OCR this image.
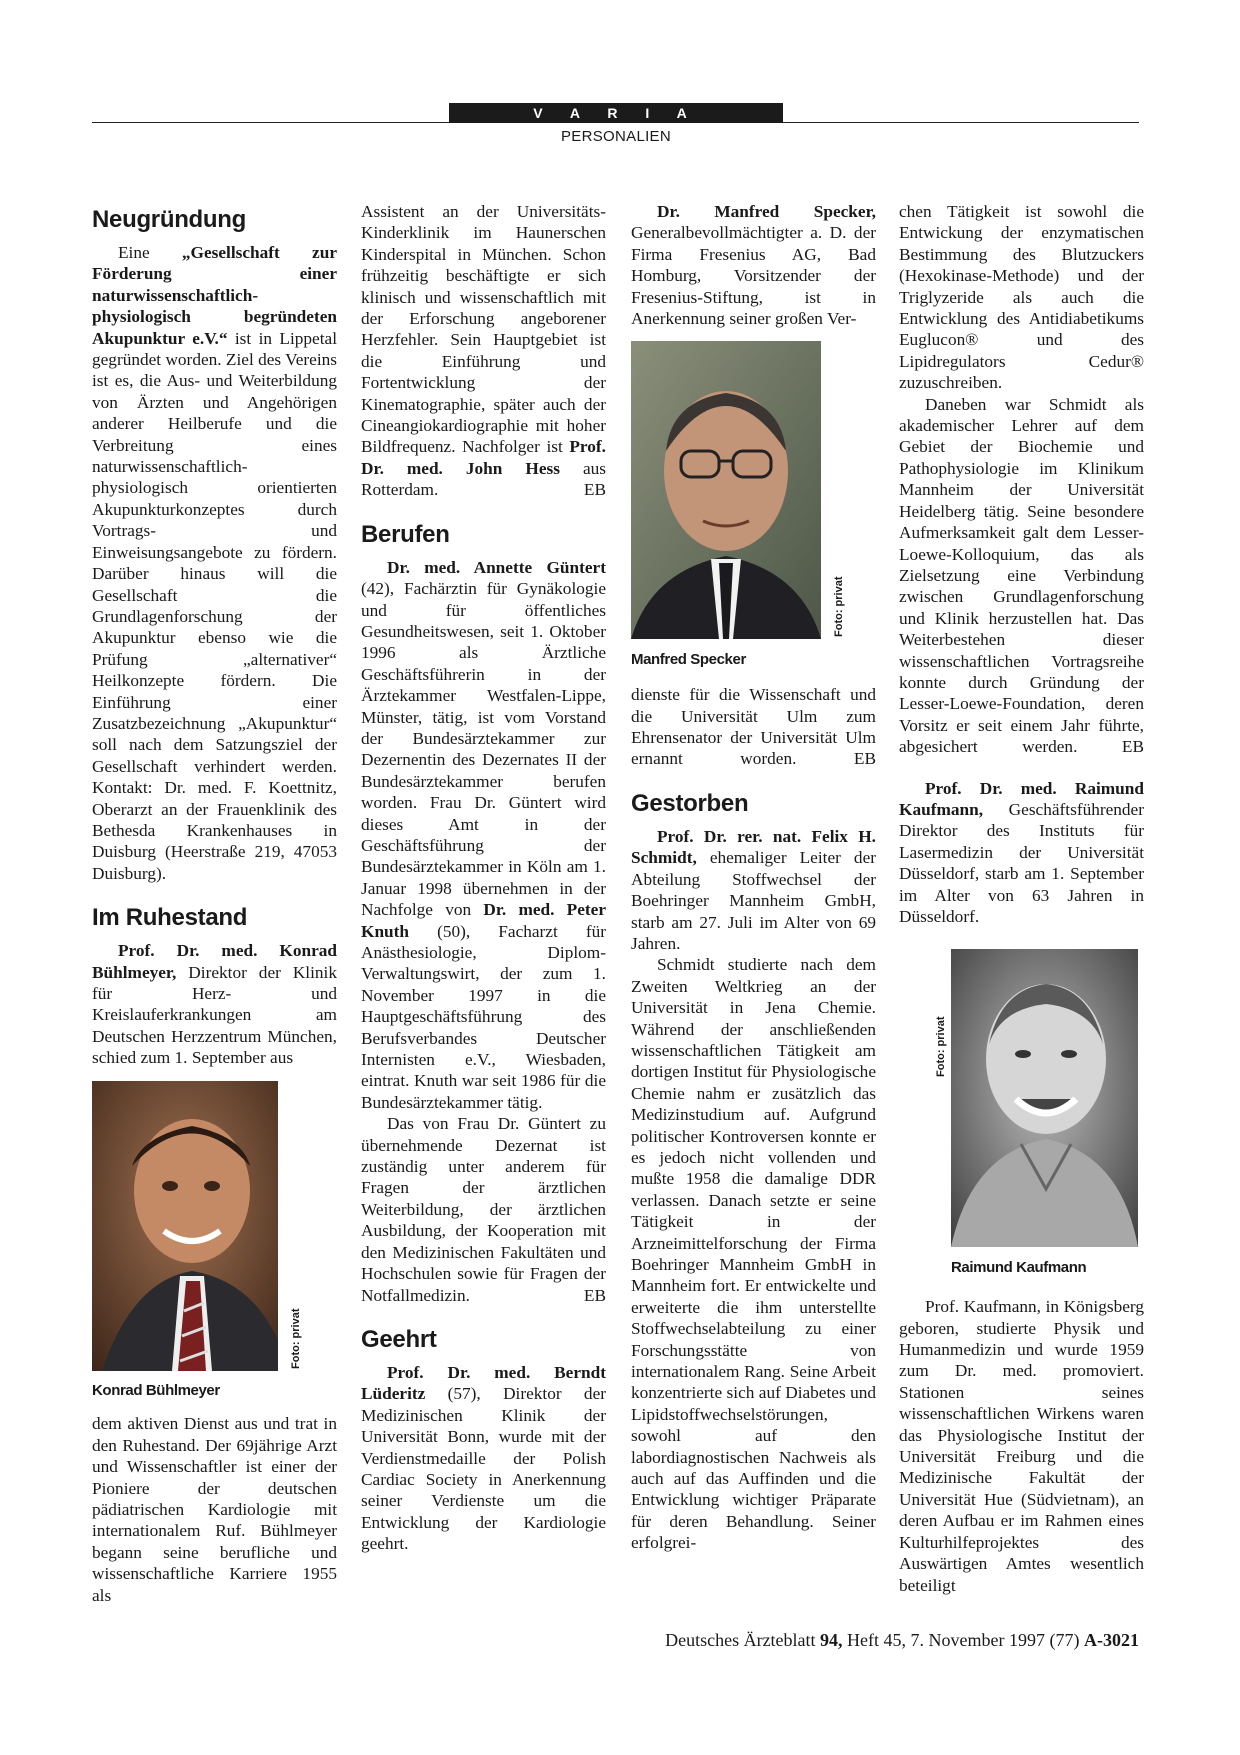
V A R I A
PERSONALIEN
Neugründung

Eine „Gesellschaft zur Förderung einer naturwissenschaftlich-physiologisch begründeten Akupunktur e.V.“ ist in Lippetal gegründet worden. Ziel des Vereins ist es, die Aus- und Weiterbildung von Ärzten und Angehörigen anderer Heilberufe und die Verbreitung eines naturwissenschaftlich-physiologisch orientierten Akupunkturkonzeptes durch Vortrags- und Einweisungsangebote zu fördern. Darüber hinaus will die Gesellschaft die Grundlagenforschung der Akupunktur ebenso wie die Prüfung „alternativer“ Heilkonzepte fördern. Die Einführung einer Zusatzbezeichnung „Akupunktur“ soll nach dem Satzungsziel der Gesellschaft verhindert werden. Kontakt: Dr. med. F. Koettnitz, Oberarzt an der Frauenklinik des Bethesda Krankenhauses in Duisburg (Heerstraße 219, 47053 Duisburg).

Im Ruhestand

Prof. Dr. med. Konrad Bühlmeyer, Direktor der Klinik für Herz- und Kreislauferkrankungen am Deutschen Herzzentrum München, schied zum 1. September aus

Foto: privat
Konrad Bühlmeyer

dem aktiven Dienst aus und trat in den Ruhestand. Der 69jährige Arzt und Wissenschaftler ist einer der Pioniere der deutschen pädiatrischen Kardiologie mit internationalem Ruf. Bühlmeyer begann seine berufliche und wissenschaftliche Karriere 1955 als

Assistent an der Universitäts-Kinderklinik im Haunerschen Kinderspital in München. Schon frühzeitig beschäftigte er sich klinisch und wissenschaftlich mit der Erforschung angeborener Herzfehler. Sein Hauptgebiet ist die Einführung und Fortentwicklung der Kinematographie, später auch der Cineangiokardiographie mit hoher Bildfrequenz. Nachfolger ist Prof. Dr. med. John Hess aus Rotterdam. EB

Berufen

Dr. med. Annette Güntert (42), Fachärztin für Gynäkologie und für öffentliches Gesundheitswesen, seit 1. Oktober 1996 als Ärztliche Geschäftsführerin in der Ärztekammer Westfalen-Lippe, Münster, tätig, ist vom Vorstand der Bundesärztekammer zur Dezernentin des Dezernates II der Bundesärztekammer berufen worden. Frau Dr. Güntert wird dieses Amt in der Geschäftsführung der Bundesärztekammer in Köln am 1. Januar 1998 übernehmen in der Nachfolge von Dr. med. Peter Knuth (50), Facharzt für Anästhesiologie, Diplom-Verwaltungswirt, der zum 1. November 1997 in die Hauptgeschäftsführung des Berufsverbandes Deutscher Internisten e.V., Wiesbaden, eintrat. Knuth war seit 1986 für die Bundesärztekammer tätig.

Das von Frau Dr. Güntert zu übernehmende Dezernat ist zuständig unter anderem für Fragen der ärztlichen Weiterbildung, der ärztlichen Ausbildung, der Kooperation mit den Medizinischen Fakultäten und Hochschulen sowie für Fragen der Notfallmedizin. EB

Geehrt

Prof. Dr. med. Berndt Lüderitz (57), Direktor der Medizinischen Klinik der Universität Bonn, wurde mit der Verdienstmedaille der Polish Cardiac Society in Anerkennung seiner Verdienste um die Entwicklung der Kardiologie geehrt.

Dr. Manfred Specker, Generalbevollmächtigter a. D. der Firma Fresenius AG, Bad Homburg, Vorsitzender der Fresenius-Stiftung, ist in Anerkennung seiner großen Ver-

Foto: privat
Manfred Specker

dienste für die Wissenschaft und die Universität Ulm zum Ehrensenator der Universität Ulm ernannt worden. EB

Gestorben

Prof. Dr. rer. nat. Felix H. Schmidt, ehemaliger Leiter der Abteilung Stoffwechsel der Boehringer Mannheim GmbH, starb am 27. Juli im Alter von 69 Jahren.

Schmidt studierte nach dem Zweiten Weltkrieg an der Universität in Jena Chemie. Während der anschließenden wissenschaftlichen Tätigkeit am dortigen Institut für Physiologische Chemie nahm er zusätzlich das Medizinstudium auf. Aufgrund politischer Kontroversen konnte er es jedoch nicht vollenden und mußte 1958 die damalige DDR verlassen. Danach setzte er seine Tätigkeit in der Arzneimittelforschung der Firma Boehringer Mannheim GmbH in Mannheim fort. Er entwickelte und erweiterte die ihm unterstellte Stoffwechselabteilung zu einer Forschungsstätte von internationalem Rang. Seine Arbeit konzentrierte sich auf Diabetes und Lipidstoffwechselstörungen, sowohl auf den labordiagnostischen Nachweis als auch auf das Auffinden und die Entwicklung wichtiger Präparate für deren Behandlung. Seiner erfolgrei-

chen Tätigkeit ist sowohl die Entwickung der enzymatischen Bestimmung des Blutzuckers (Hexokinase-Methode) und der Triglyzeride als auch die Entwicklung des Antidiabetikums Euglucon® und des Lipidregulators Cedur® zuzuschreiben.

Daneben war Schmidt als akademischer Lehrer auf dem Gebiet der Biochemie und Pathophysiologie im Klinikum Mannheim der Universität Heidelberg tätig. Seine besondere Aufmerksamkeit galt dem Lesser-Loewe-Kolloquium, das als Zielsetzung eine Verbindung zwischen Grundlagenforschung und Klinik herzustellen hat. Das Weiterbestehen dieser wissenschaftlichen Vortragsreihe konnte durch Gründung der Lesser-Loewe-Foundation, deren Vorsitz er seit einem Jahr führte, abgesichert werden. EB

Prof. Dr. med. Raimund Kaufmann, Geschäftsführender Direktor des Instituts für Lasermedizin der Universität Düsseldorf, starb am 1. September im Alter von 63 Jahren in Düsseldorf.

Foto: privat
Raimund Kaufmann

Prof. Kaufmann, in Königsberg geboren, studierte Physik und Humanmedizin und wurde 1959 zum Dr. med. promoviert. Stationen seines wissenschaftlichen Wirkens waren das Physiologische Institut der Universität Freiburg und die Medizinische Fakultät der Universität Hue (Südvietnam), an deren Aufbau er im Rahmen eines Kulturhilfeprojektes des Auswärtigen Amtes wesentlich beteiligt

Deutsches Ärzteblatt 94, Heft 45, 7. November 1997 (77) A-3021
